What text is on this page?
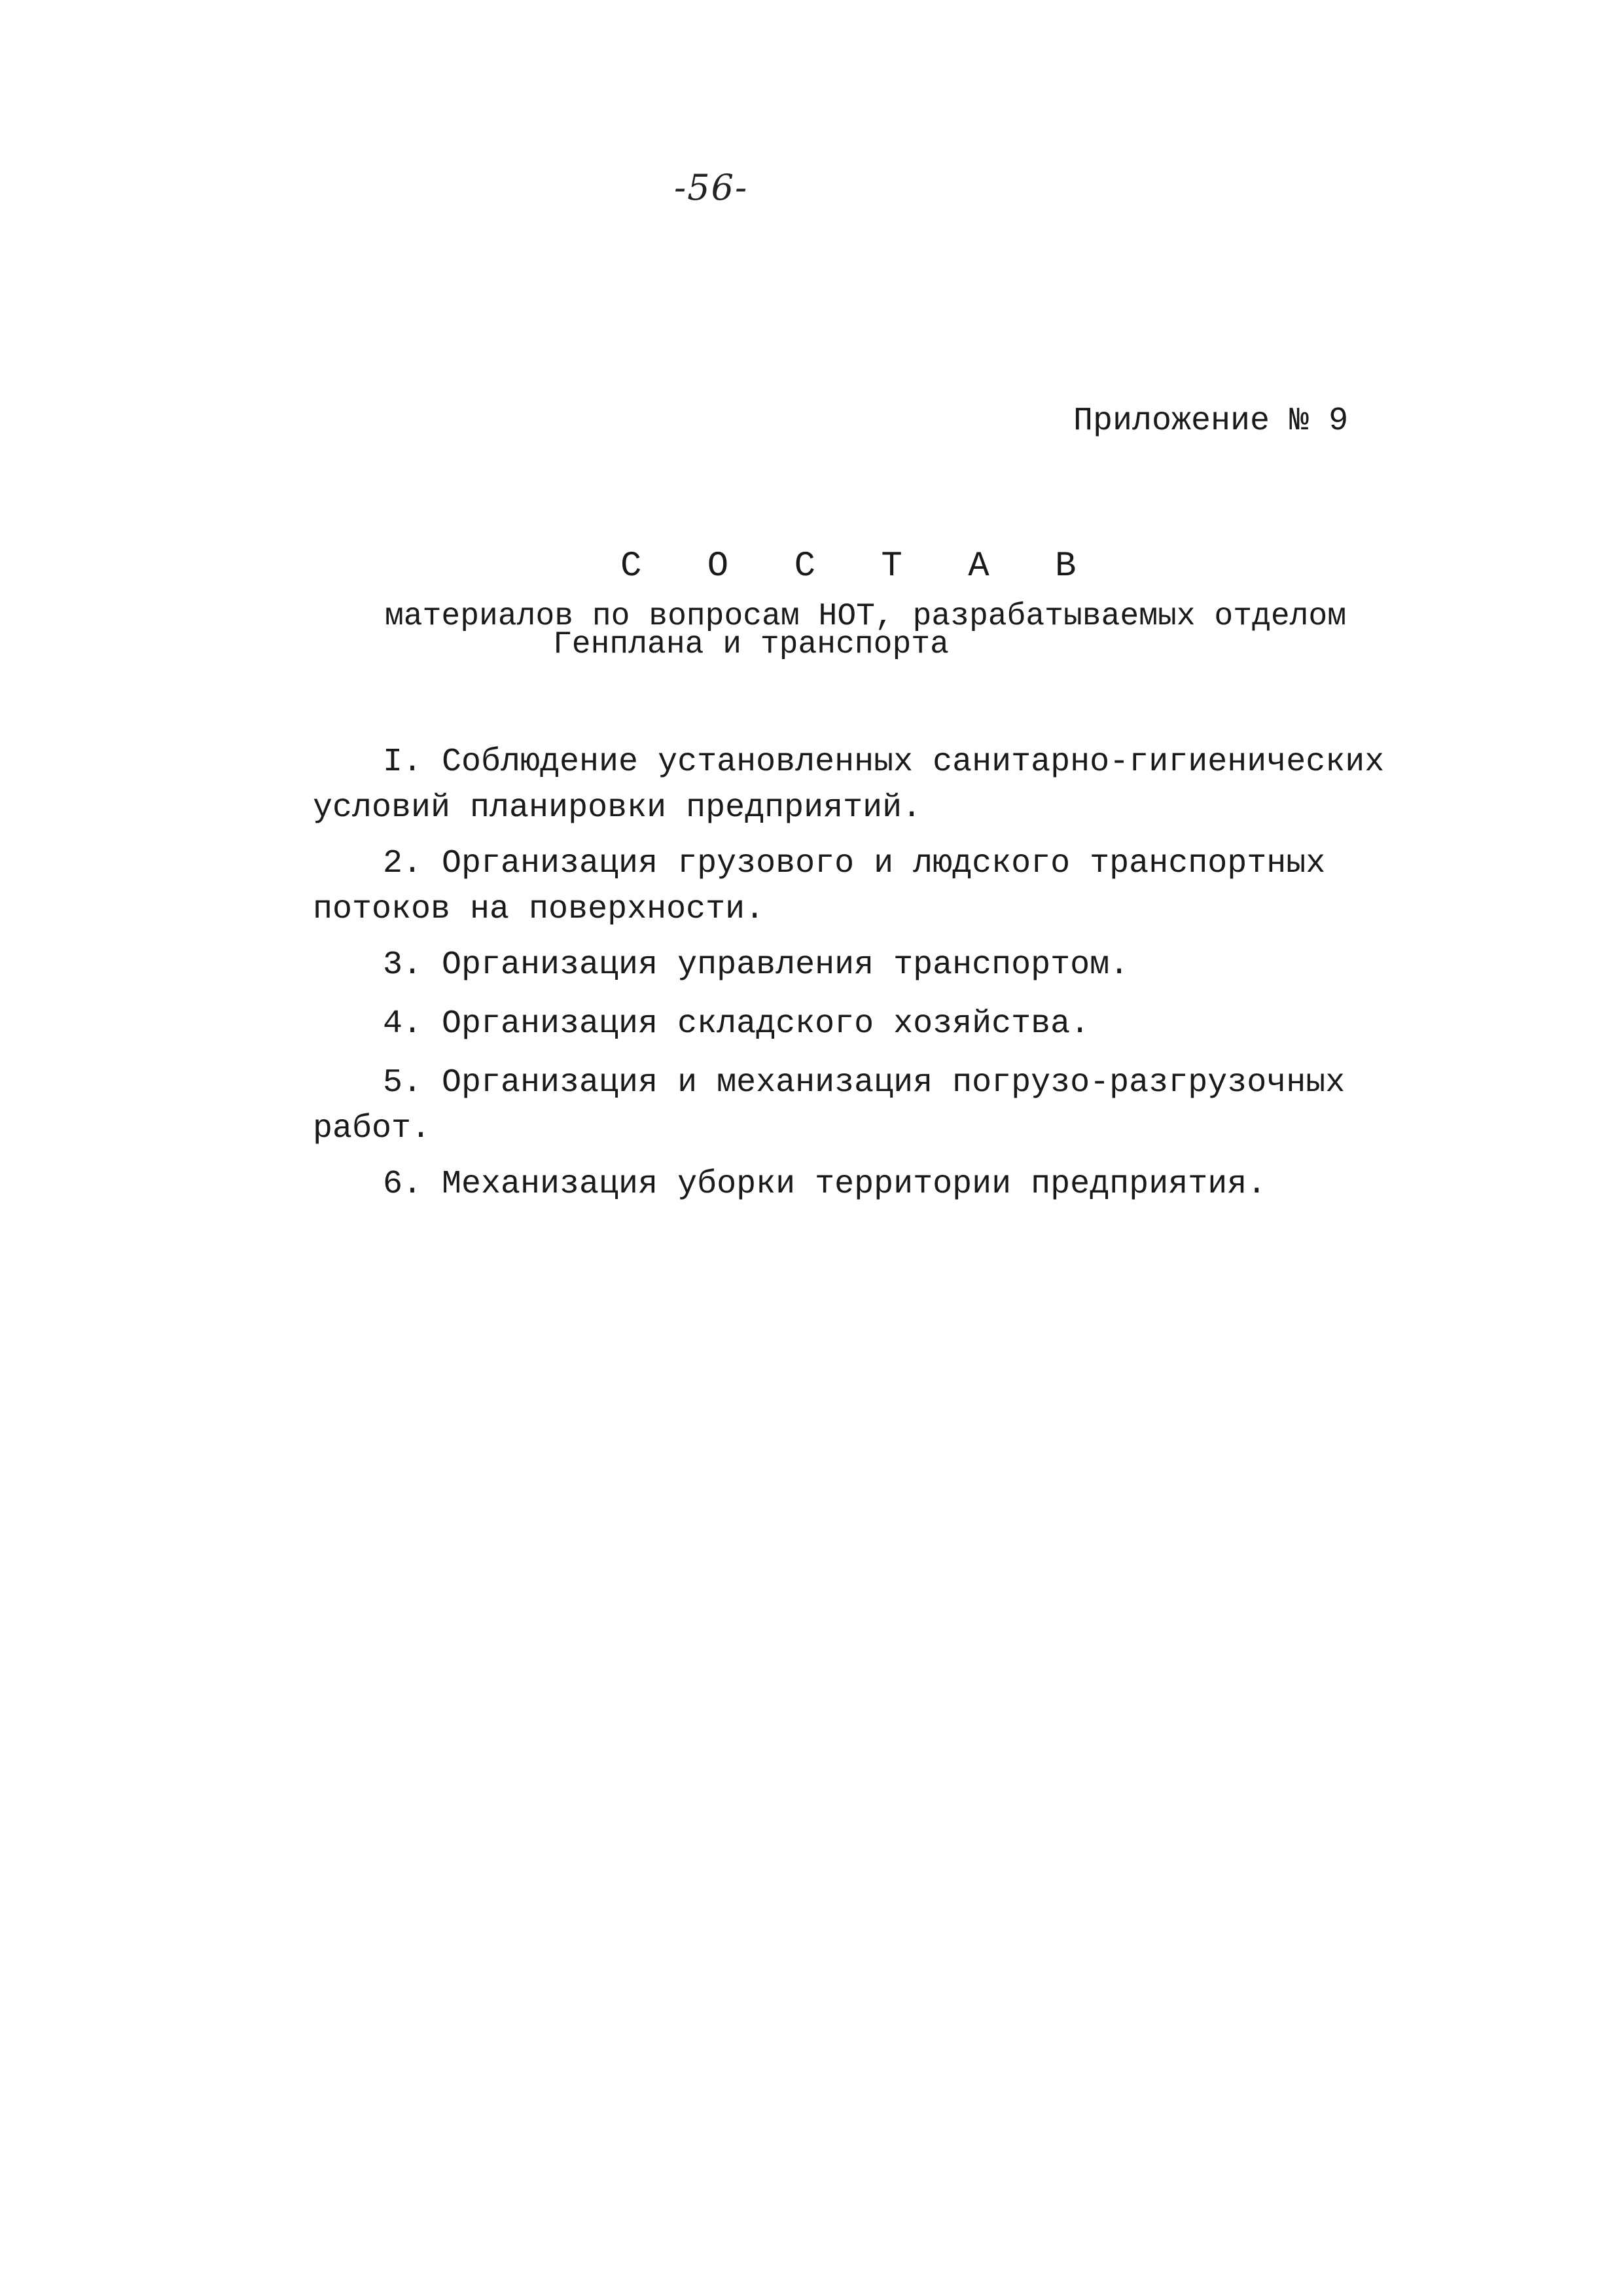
-56-
Приложение № 9
С О С Т А В
материалов по вопросам НОТ, разрабатываемых отделом
Генплана и транспорта
I. Соблюдение установленных санитарно-гигиенических
условий планировки предприятий.
2. Организация грузового и людского транспортных
потоков на поверхности.
3. Организация управления транспортом.
4. Организация складского хозяйства.
5. Организация и механизация погрузо-разгрузочных
работ.
6. Механизация уборки территории предприятия.
